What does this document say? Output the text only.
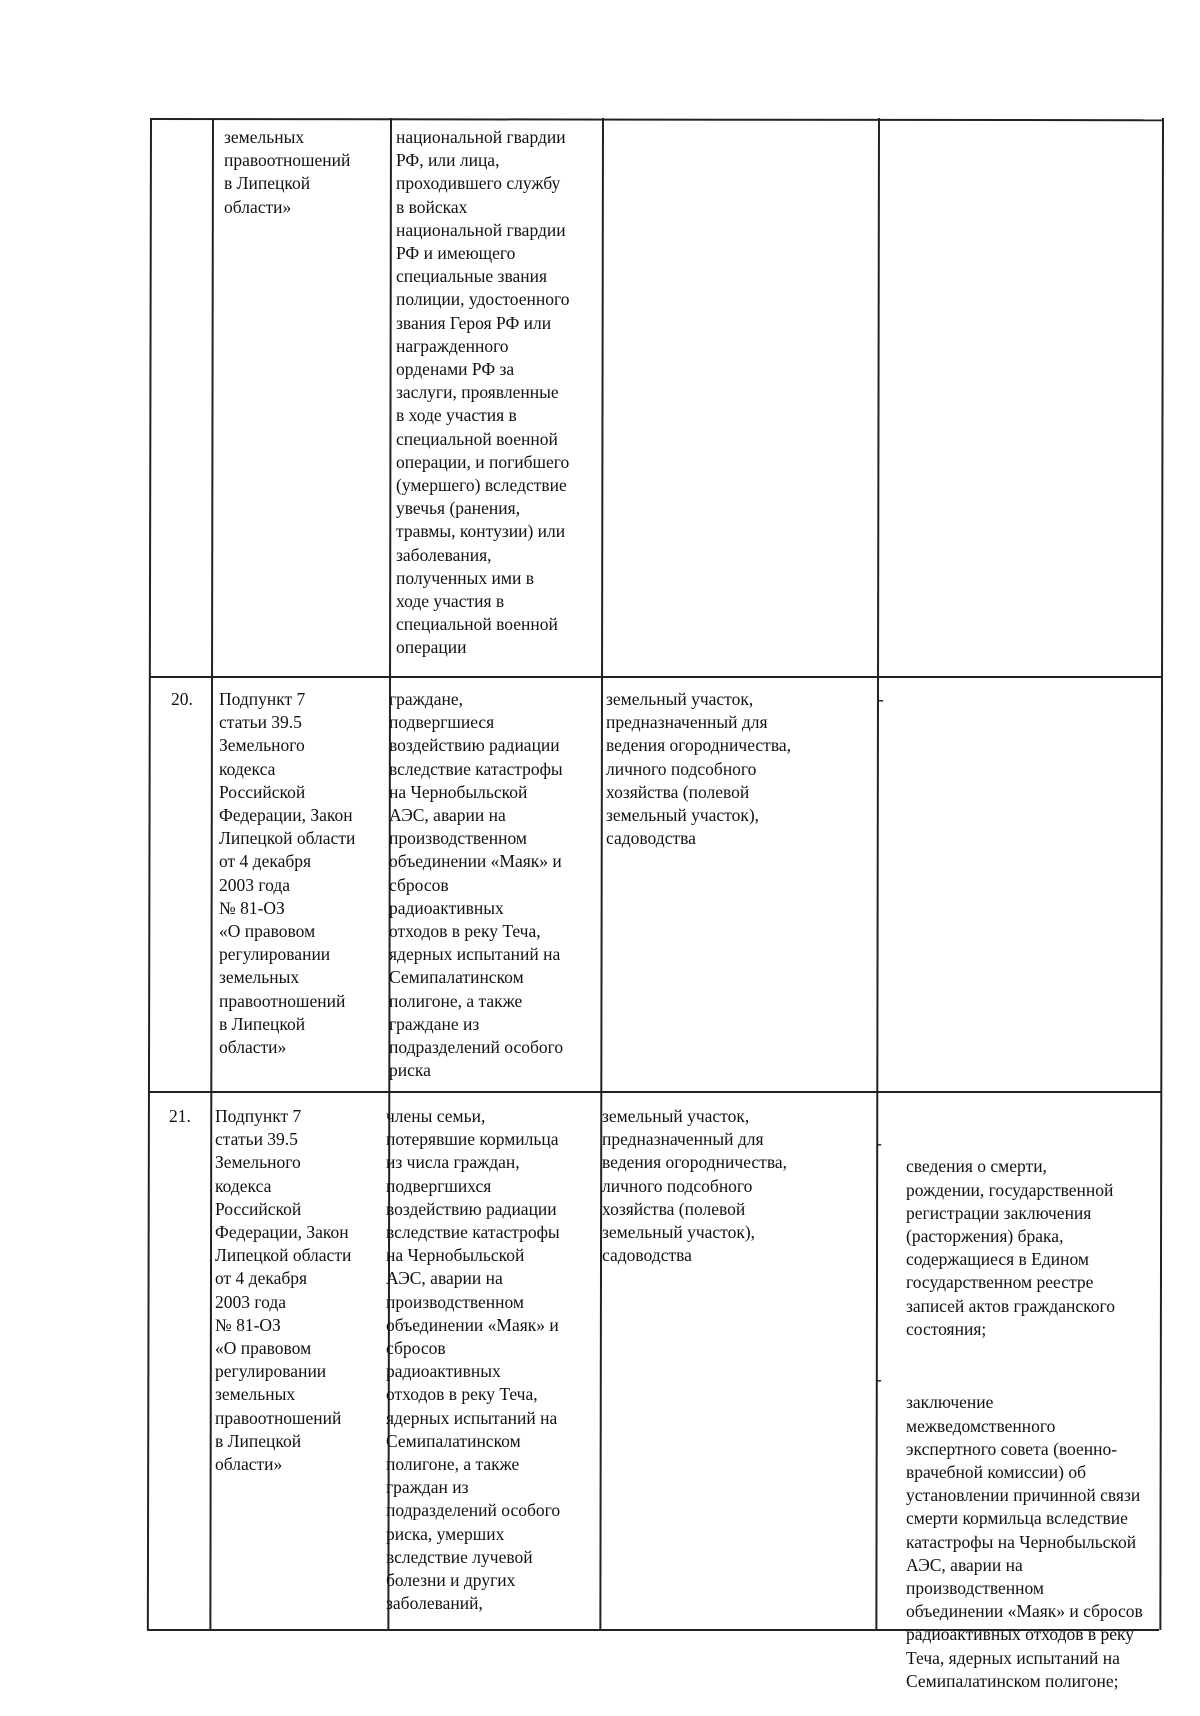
земельных
правоотношений
в Липецкой
области»
национальной гвардии
РФ, или лица,
проходившего службу
в войсках
национальной гвардии
РФ и имеющего
специальные звания
полиции, удостоенного
звания Героя РФ или
награжденного
орденами РФ за
заслуги, проявленные
в ходе участия в
специальной военной
операции, и погибшего
(умершего) вследствие
увечья (ранения,
травмы, контузии) или
заболевания,
полученных ими в
ходе участия в
специальной военной
операции
20.	Подпункт 7
статьи 39.5
Земельного
кодекса
Российской
Федерации, Закон
Липецкой области
от 4 декабря
2003 года
№ 81-ОЗ
«О правовом
регулировании
земельных
правоотношений
в Липецкой
области»
граждане,
подвергшиеся
воздействию радиации
вследствие катастрофы
на Чернобыльской
АЭС, аварии на
производственном
объединении «Маяк» и
сбросов
радиоактивных
отходов в реку Теча,
ядерных испытаний на
Семипалатинском
полигоне, а также
граждане из
подразделений особого
риска
земельный участок,
предназначенный для
ведения огородничества,
личного подсобного
хозяйства (полевой
земельный участок),
садоводства
-
21.	Подпункт 7
статьи 39.5
Земельного
кодекса
Российской
Федерации, Закон
Липецкой области
от 4 декабря
2003 года
№ 81-ОЗ
«О правовом
регулировании
земельных
правоотношений
в Липецкой
области»
члены семьи,
потерявшие кормильца
из числа граждан,
подвергшихся
воздействию радиации
вследствие катастрофы
на Чернобыльской
АЭС, аварии на
производственном
объединении «Маяк» и
сбросов
радиоактивных
отходов в реку Теча,
ядерных испытаний на
Семипалатинском
полигоне, а также
граждан из
подразделений особого
риска, умерших
вследствие лучевой
болезни и других
заболеваний,
земельный участок,
предназначенный для
ведения огородничества,
личного подсобного
хозяйства (полевой
земельный участок),
садоводства

-
сведения о смерти,
рождении, государственной
регистрации заключения
(расторжения) брака,
содержащиеся в Едином
государственном реестре
записей актов гражданского
состояния;

-
заключение
межведомственного
экспертного совета (военно-
врачебной комиссии) об
установлении причинной связи
смерти кормильца вследствие
катастрофы на Чернобыльской
АЭС, аварии на
производственном
объединении «Маяк» и сбросов
радиоактивных отходов в реку
Теча, ядерных испытаний на
Семипалатинском полигоне;
